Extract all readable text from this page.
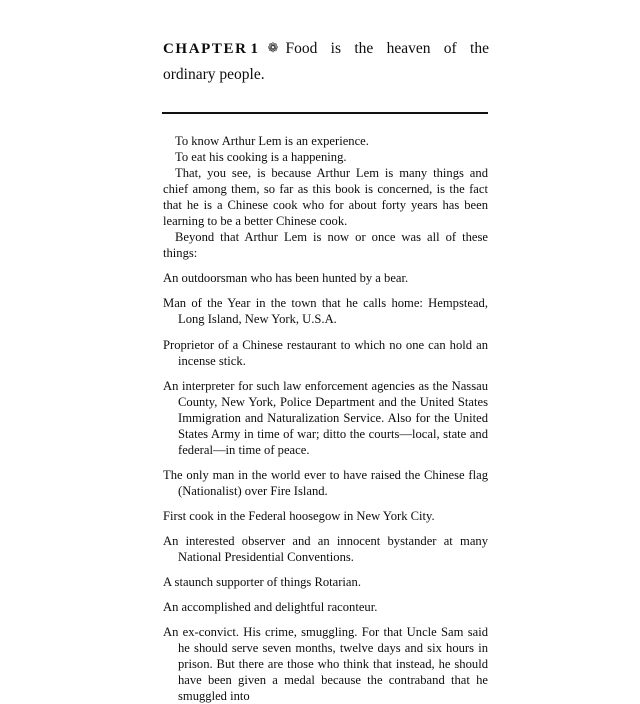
CHAPTER 1 ❁ Food is the heaven of the ordinary people.

To know Arthur Lem is an experience.

To eat his cooking is a happening.

That, you see, is because Arthur Lem is many things and chief among them, so far as this book is concerned, is the fact that he is a Chinese cook who for about forty years has been learning to be a better Chinese cook.

Beyond that Arthur Lem is now or once was all of these things:

An outdoorsman who has been hunted by a bear.

Man of the Year in the town that he calls home: Hempstead, Long Island, New York, U.S.A.

Proprietor of a Chinese restaurant to which no one can hold an incense stick.

An interpreter for such law enforcement agencies as the Nassau County, New York, Police Department and the United States Immigration and Naturalization Service. Also for the United States Army in time of war; ditto the courts—local, state and federal—in time of peace.

The only man in the world ever to have raised the Chinese flag (Nationalist) over Fire Island.

First cook in the Federal hoosegow in New York City.

An interested observer and an innocent bystander at many National Presidential Conventions.

A staunch supporter of things Rotarian.

An accomplished and delightful raconteur.

An ex-convict. His crime, smuggling. For that Uncle Sam said he should serve seven months, twelve days and six hours in prison. But there are those who think that instead, he should have been given a medal because the contraband that he smuggled into
